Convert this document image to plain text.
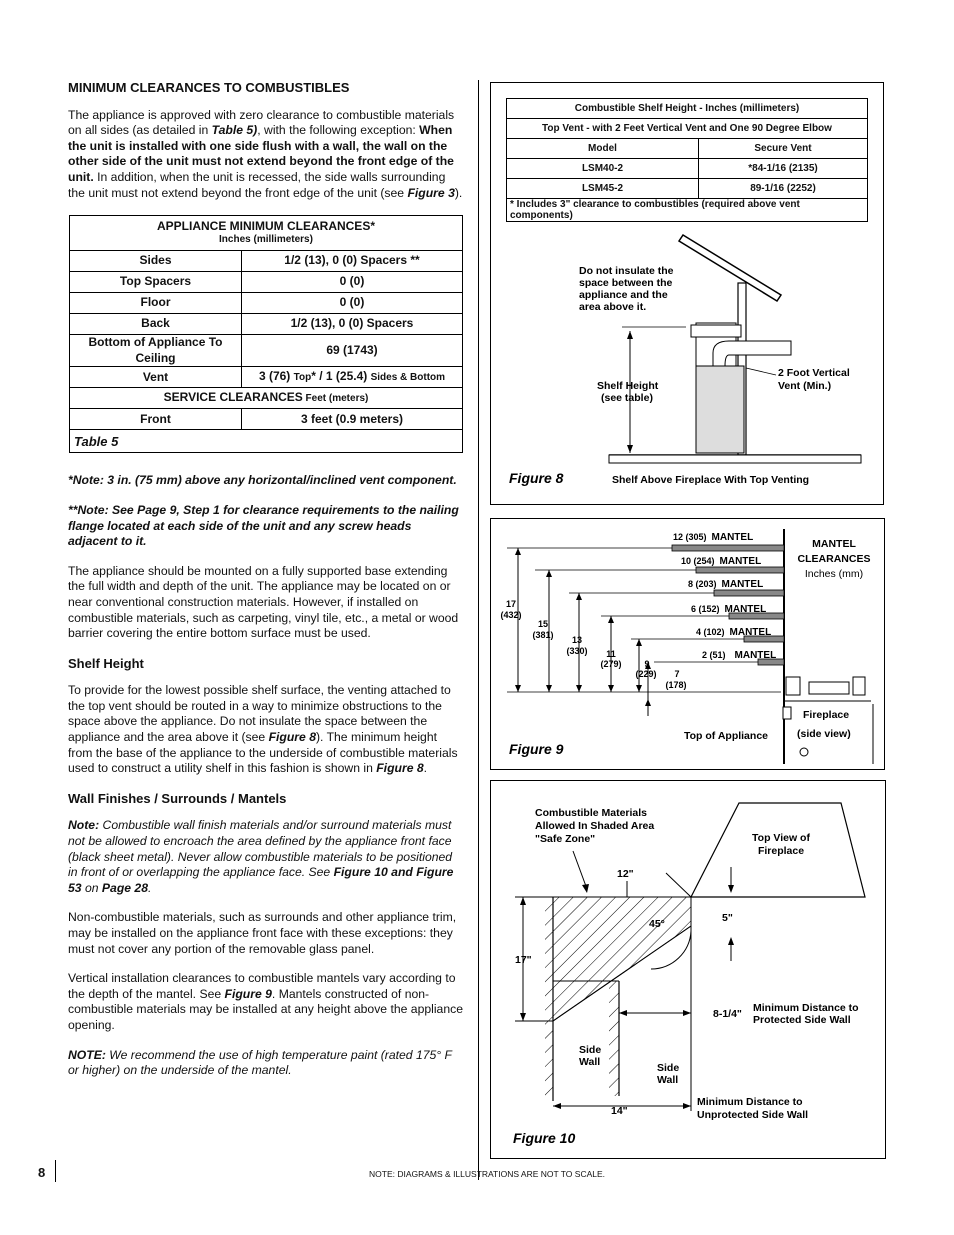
MINIMUM CLEARANCES TO COMBUSTIBLES

The appliance is approved with zero clearance to combustible materials on all sides (as detailed in Table 5), with the following exception: When the unit is installed with one side flush with a wall, the wall on the other side of the unit must not extend beyond the front edge of the unit. In addition, when the unit is recessed, the side walls surrounding the unit must not extend beyond the front edge of the unit (see Figure 3).

APPLIANCE MINIMUM CLEARANCES*
Inches (millimeters)	

Sides	1/2 (13), 0 (0) Spacers **
Top Spacers	0 (0)
Floor	0 (0)
Back	1/2 (13), 0 (0) Spacers
Bottom of Appliance To Ceiling	69 (1743)
Vent	3 (76) Top* / 1 (25.4) Sides & Bottom
SERVICE CLEARANCES Feet (meters)	
Front	3 feet (0.9 meters)
Table 5	

*Note: 3 in. (75 mm) above any horizontal/inclined vent component.

**Note: See Page 9, Step 1 for clearance requirements to the nailing flange located at each side of the unit and any screw heads adjacent to it.

The appliance should be mounted on a fully supported base extending the full width and depth of the unit. The appliance may be located on or near conventional construction materials. However, if installed on combustible materials, such as carpeting, vinyl tile, etc., a metal or wood barrier covering the entire bottom surface must be used.

Shelf Height

To provide for the lowest possible shelf surface, the venting attached to the top vent should be routed in a way to minimize obstructions to the space above the appliance. Do not insulate the space between the appliance and the area above it (see Figure 8). The minimum height from the base of the appliance to the underside of combustible materials used to construct a utility shelf in this fashion is shown in Figure 8.

Wall Finishes / Surrounds / Mantels

Note: Combustible wall finish materials and/or surround materials must not be allowed to encroach the area defined by the appliance front face (black sheet metal). Never allow combustible materials to be positioned in front of or overlapping the appliance face. See Figure 10 and Figure 53 on Page 28.

Non-combustible materials, such as surrounds and other appliance trim, may be installed on the appliance front face with these exceptions: they must not cover any portion of the removable glass panel.

Vertical installation clearances to combustible mantels vary according to the depth of the mantel. See Figure 9. Mantels constructed of non-combustible materials may be installed at any height above the appliance opening.

NOTE: We recommend the use of high temperature paint (rated 175° F or higher) on the underside of the mantel.

8	NOTE: DIAGRAMS & ILLUSTRATIONS ARE NOT TO SCALE.
Combustible Shelf Height - Inches (millimeters)	
Top Vent - with 2 Feet Vertical Vent and One 90 Degree Elbow	
Model	Secure Vent
LSM40-2	*84-1/16 (2135)
LSM45-2	89-1/16 (2252)
* Includes 3" clearance to combustibles (required above vent components)	
Do not insulate the
space between the
appliance and the
area above it.
Shelf Height
(see table)
2 Foot Vertical
Vent (Min.)
Figure 8	Shelf Above Fireplace With Top Venting
12 (305) MANTEL
10 (254) MANTEL
8 (203) MANTEL
6 (152) MANTEL
4 (102) MANTEL
2 (51) MANTEL
17
(432)
15
(381) 13
(330) 11
(279)	9
(229) 7
(178)
MANTEL
CLEARANCES
Inches (mm)
Top of Appliance
Fireplace
(side view)
Figure 9
Combustible Materials
Allowed In Shaded Area
"Safe Zone"	Top View of
Fireplace
12"
17"
45°	5"
8-1/4"
14"
Minimum Distance to
Protected Side Wall
Minimum Distance to
Unprotected Side Wall
Side
Wall	Side
Wall
Figure 10
